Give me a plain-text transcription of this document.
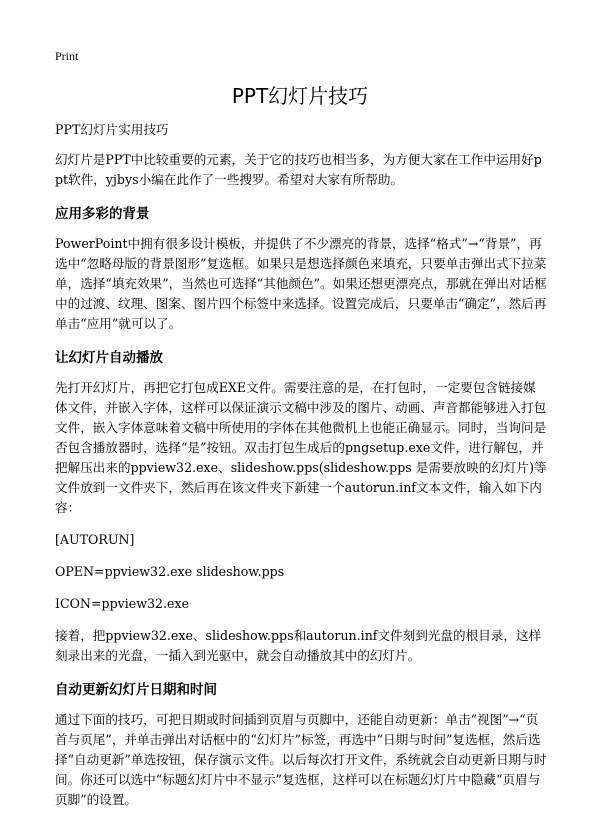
Print
PPT幻灯片技巧

PPT幻灯片实用技巧

幻灯片是PPT中比较重要的元素，关于它的技巧也相当多，为方便大家在工作中运用好ppt软件，yjbys小编在此作了一些搜罗。希望对大家有所帮助。

应用多彩的背景

PowerPoint中拥有很多设计模板，并提供了不少漂亮的背景，选择“格式”→“背景”，再选中“忽略母版的背景图形”复选框。如果只是想选择颜色来填充，只要单击弹出式下拉菜单，选择“填充效果”，当然也可选择“其他颜色”。如果还想更漂亮点，那就在弹出对话框中的过渡、纹理、图案、图片四个标签中来选择。设置完成后，只要单击“确定”，然后再单击“应用”就可以了。

让幻灯片自动播放

先打开幻灯片，再把它打包成EXE文件。需要注意的是，在打包时，一定要包含链接媒体文件，并嵌入字体，这样可以保证演示文稿中涉及的图片、动画、声音都能够进入打包文件，嵌入字体意味着文稿中所使用的字体在其他微机上也能正确显示。同时，当询问是否包含播放器时，选择“是”按钮。双击打包生成后的pngsetup.exe文件，进行解包，并把解压出来的ppview32.exe、slideshow.pps(slideshow.pps 是需要放映的幻灯片)等文件放到一文件夹下，然后再在该文件夹下新建一个autorun.inf文本文件，输入如下内容：

[AUTORUN]

OPEN=ppview32.exe slideshow.pps

ICON=ppview32.exe

接着，把ppview32.exe、slideshow.pps和autorun.inf文件刻到光盘的根目录，这样刻录出来的光盘，一插入到光驱中，就会自动播放其中的幻灯片。

自动更新幻灯片日期和时间

通过下面的技巧，可把日期或时间插到页眉与页脚中，还能自动更新：单击“视图”→“页首与页尾”，并单击弹出对话框中的“幻灯片”标签，再选中“日期与时间”复选框，然后选择“自动更新”单选按钮，保存演示文件。以后每次打开文件，系统就会自动更新日期与时间。你还可以选中“标题幻灯片中不显示”复选框，这样可以在标题幻灯片中隐藏“页眉与页脚”的设置。
